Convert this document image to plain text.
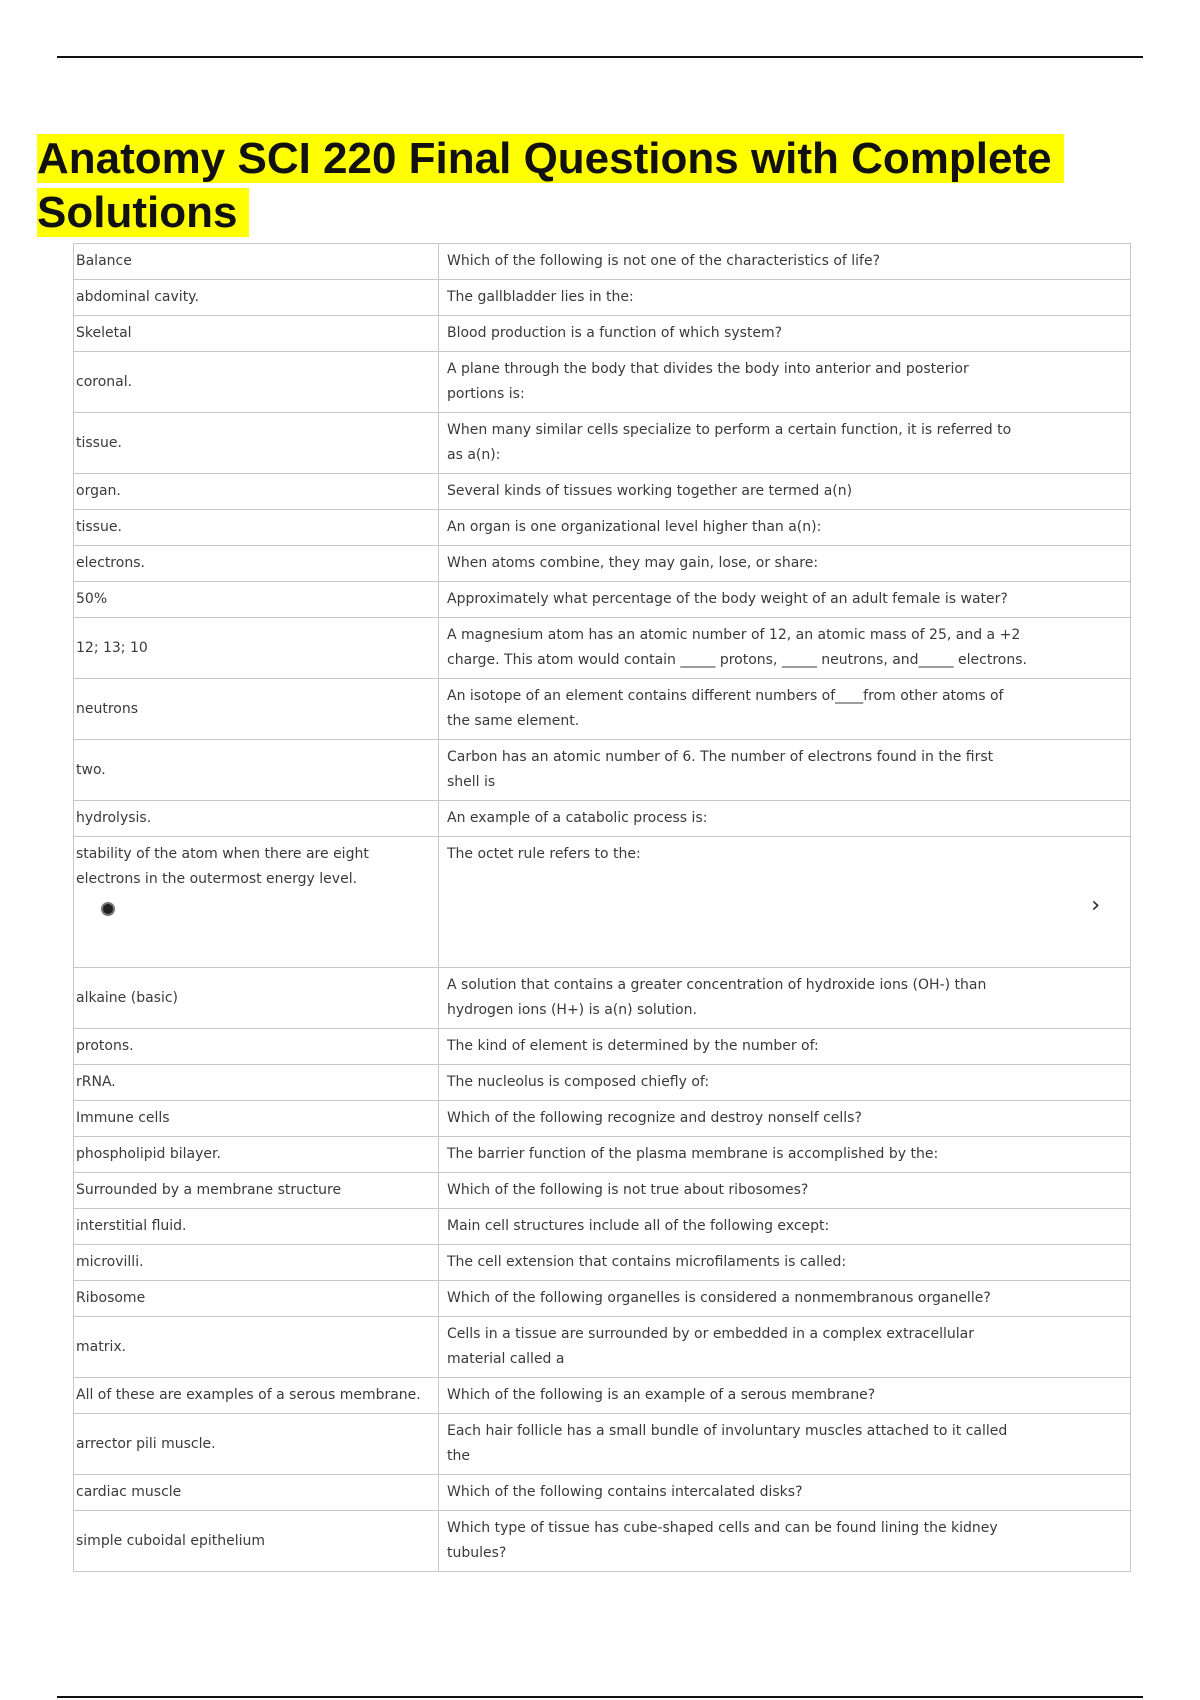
Anatomy SCI 220 Final Questions with Complete Solutions
Balance	Which of the following is not one of the characteristics of life?
abdominal cavity.	The gallbladder lies in the:
Skeletal	Blood production is a function of which system?
coronal.	A plane through the body that divides the body into anterior and posterior portions is:
tissue.	When many similar cells specialize to perform a certain function, it is referred to as a(n):
organ.	Several kinds of tissues working together are termed a(n)
tissue.	An organ is one organizational level higher than a(n):
electrons.	When atoms combine, they may gain, lose, or share:
50%	Approximately what percentage of the body weight of an adult female is water?
12; 13; 10	A magnesium atom has an atomic number of 12, an atomic mass of 25, and a +2 charge. This atom would contain _____ protons, _____ neutrons, and_____ electrons.
neutrons	An isotope of an element contains different numbers of____from other atoms of the same element.
two.	Carbon has an atomic number of 6. The number of electrons found in the first shell is
hydrolysis.	An example of a catabolic process is:
stability of the atom when there are eight electrons in the outermost energy level.	The octet rule refers to the:
›

alkaine (basic)	A solution that contains a greater concentration of hydroxide ions (OH-) than hydrogen ions (H+) is a(n) solution.
protons.	The kind of element is determined by the number of:
rRNA.	The nucleolus is composed chiefly of:
Immune cells	Which of the following recognize and destroy nonself cells?
phospholipid bilayer.	The barrier function of the plasma membrane is accomplished by the:
Surrounded by a membrane structure	Which of the following is not true about ribosomes?
interstitial fluid.	Main cell structures include all of the following except:
microvilli.	The cell extension that contains microfilaments is called:
Ribosome	Which of the following organelles is considered a nonmembranous organelle?
matrix.	Cells in a tissue are surrounded by or embedded in a complex extracellular material called a
All of these are examples of a serous membrane.	Which of the following is an example of a serous membrane?
arrector pili muscle.	Each hair follicle has a small bundle of involuntary muscles attached to it called the
cardiac muscle	Which of the following contains intercalated disks?
simple cuboidal epithelium	Which type of tissue has cube-shaped cells and can be found lining the kidney tubules?
